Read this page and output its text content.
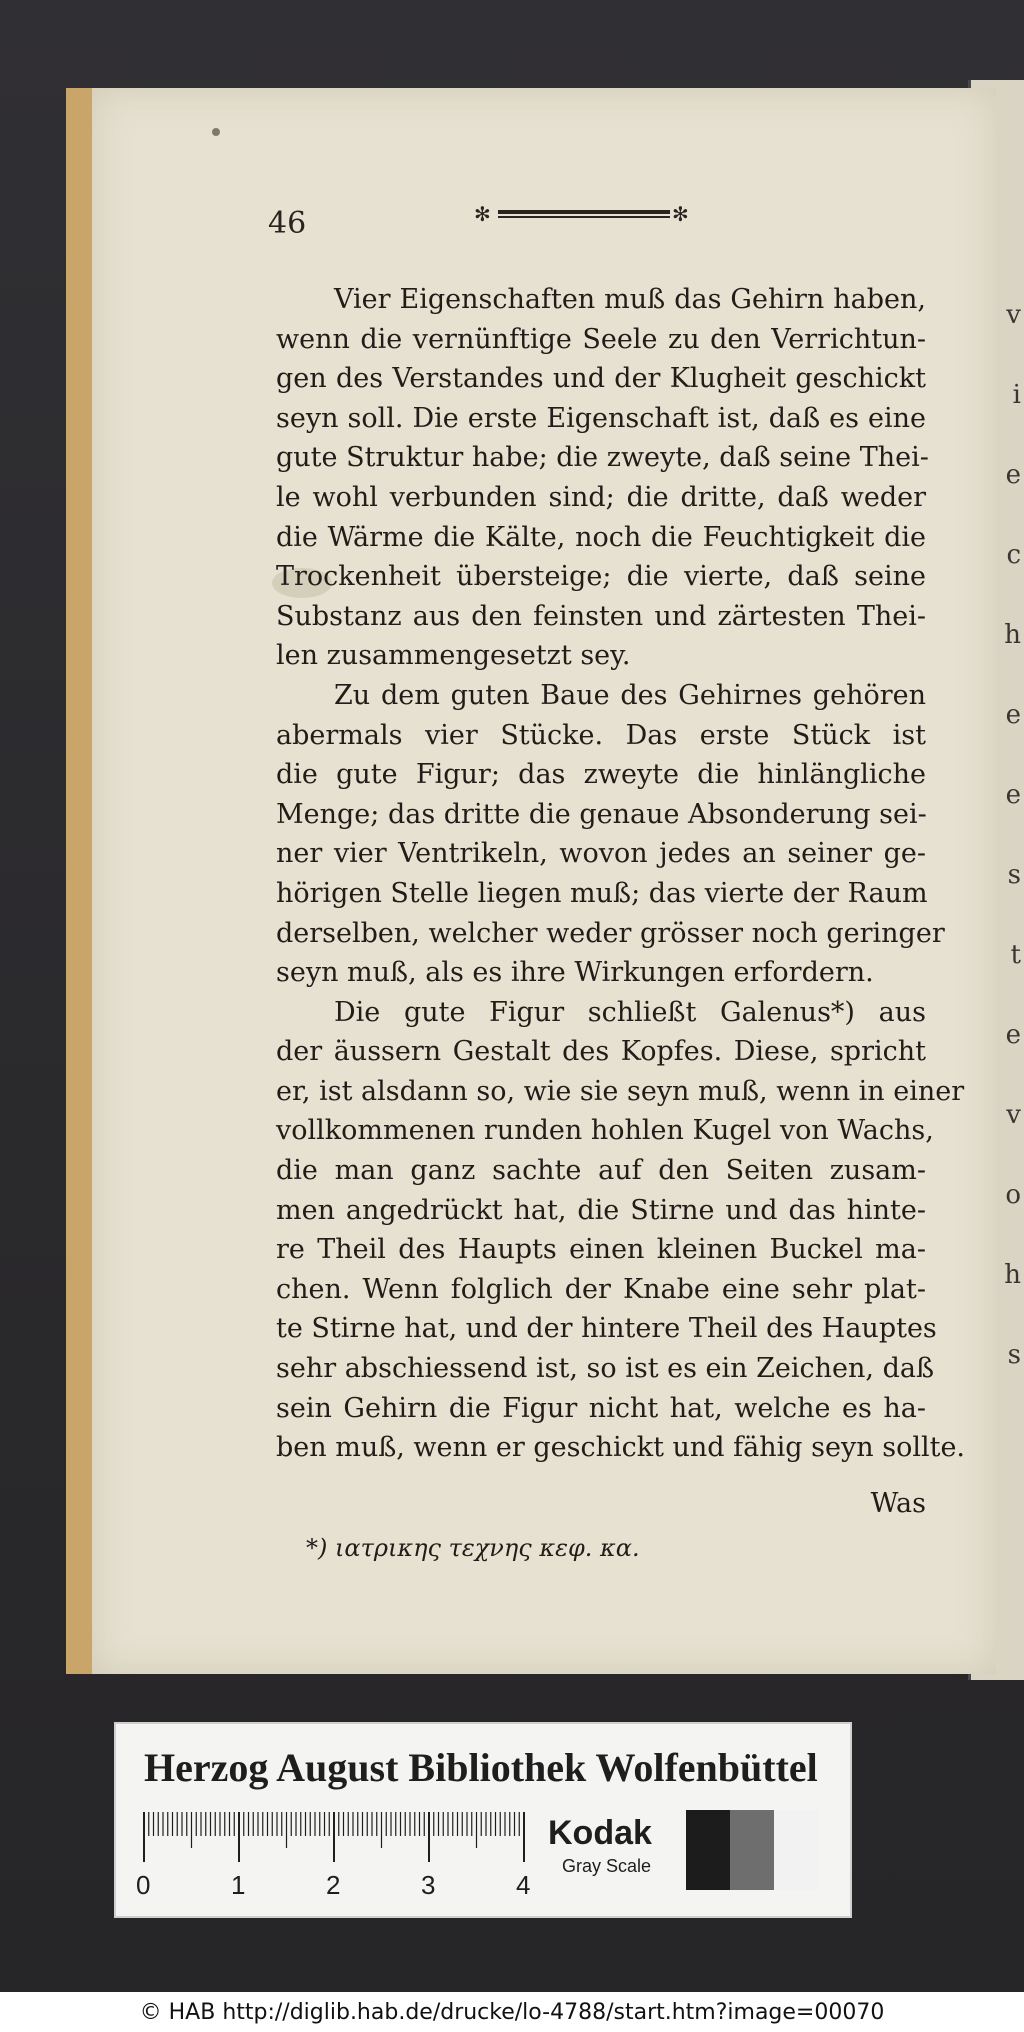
v
i
e
c
h
e
e
s
t
e
v
o
h
s
46	✻	✻
Vier Eigenschaften muß das Gehirn haben,
wenn die vernünftige Seele zu den Verrichtun-
gen des Verstandes und der Klugheit geschickt
seyn soll. Die erste Eigenschaft ist, daß es eine
gute Struktur habe; die zweyte, daß seine Thei-
le wohl verbunden sind; die dritte, daß weder
die Wärme die Kälte, noch die Feuchtigkeit die
Trockenheit übersteige; die vierte, daß seine
Substanz aus den feinsten und zärtesten Thei-
len zusammengesetzt sey.
Zu dem guten Baue des Gehirnes gehören
abermals vier Stücke. Das erste Stück ist
die gute Figur; das zweyte die hinlängliche
Menge; das dritte die genaue Absonderung sei-
ner vier Ventrikeln, wovon jedes an seiner ge-
hörigen Stelle liegen muß; das vierte der Raum
derselben, welcher weder grösser noch geringer
seyn muß, als es ihre Wirkungen erfordern.
Die gute Figur schließt Galenus*) aus
der äussern Gestalt des Kopfes. Diese, spricht
er, ist alsdann so, wie sie seyn muß, wenn in einer
vollkommenen runden hohlen Kugel von Wachs,
die man ganz sachte auf den Seiten zusam-
men angedrückt hat, die Stirne und das hinte-
re Theil des Haupts einen kleinen Buckel ma-
chen. Wenn folglich der Knabe eine sehr plat-
te Stirne hat, und der hintere Theil des Hauptes
sehr abschiessend ist, so ist es ein Zeichen, daß
sein Gehirn die Figur nicht hat, welche es ha-
ben muß, wenn er geschickt und fähig seyn sollte.
Was
*) ιατρικης τεχνης κεφ. κα.
Herzog August Bibliothek Wolfenbüttel
0	1	2	3	4
Kodak
Gray Scale
© HAB http://diglib.hab.de/drucke/lo-4788/start.htm?image=00070
